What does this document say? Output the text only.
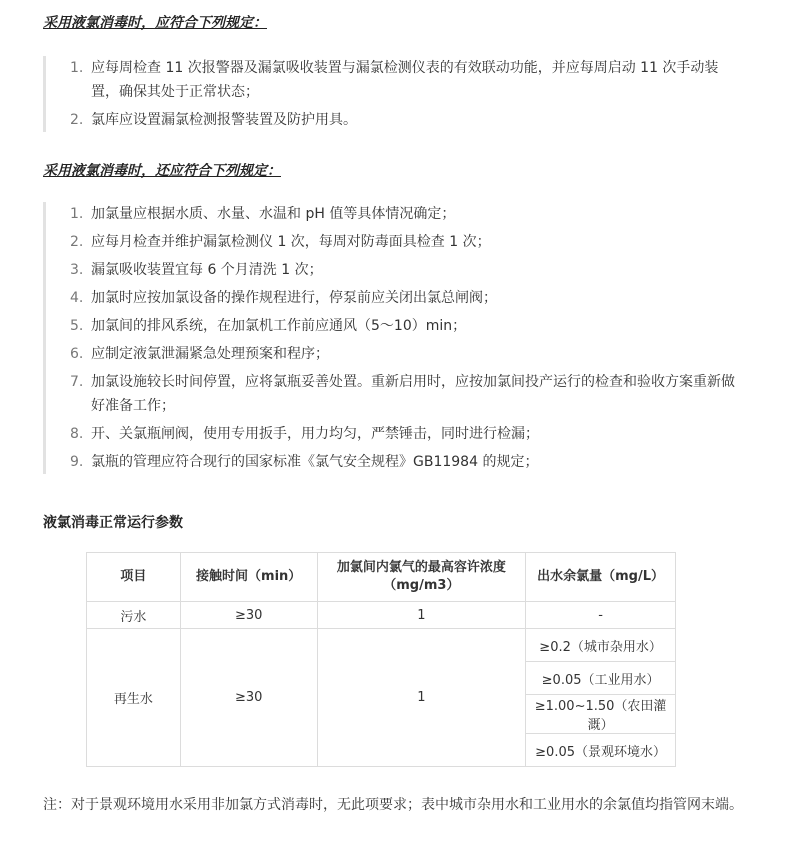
采用液氯消毒时，应符合下列规定：
1. 应每周检查 11 次报警器及漏氯吸收装置与漏氯检测仪表的有效联动功能，并应每周启动 11 次手动装置，确保其处于正常状态；
2. 氯库应设置漏氯检测报警装置及防护用具。
采用液氯消毒时，还应符合下列规定：
1. 加氯量应根据水质、水量、水温和 pH 值等具体情况确定；
2. 应每月检查并维护漏氯检测仪 1 次，每周对防毒面具检查 1 次；
3. 漏氯吸收装置宜每 6 个月清洗 1 次；
4. 加氯时应按加氯设备的操作规程进行，停泵前应关闭出氯总闸阀；
5. 加氯间的排风系统，在加氯机工作前应通风（5～10）min；
6. 应制定液氯泄漏紧急处理预案和程序；
7. 加氯设施较长时间停置，应将氯瓶妥善处置。重新启用时，应按加氯间投产运行的检查和验收方案重新做好准备工作；
8. 开、关氯瓶闸阀，使用专用扳手，用力均匀，严禁锤击，同时进行检漏；
9. 氯瓶的管理应符合现行的国家标准《氯气安全规程》GB11984 的规定；
液氯消毒正常运行参数
项目	接触时间（min）	加氯间内氯气的最高容许浓度（mg/m3）	出水余氯量（mg/L）
污水	≥30	1	-
再生水	≥30	1	≥0.2（城市杂用水）
			≥0.05（工业用水）
			≥1.00~1.50（农田灌溉）
			≥0.05（景观环境水）
注：对于景观环境用水采用非加氯方式消毒时，无此项要求；表中城市杂用水和工业用水的余氯值均指管网末端。
